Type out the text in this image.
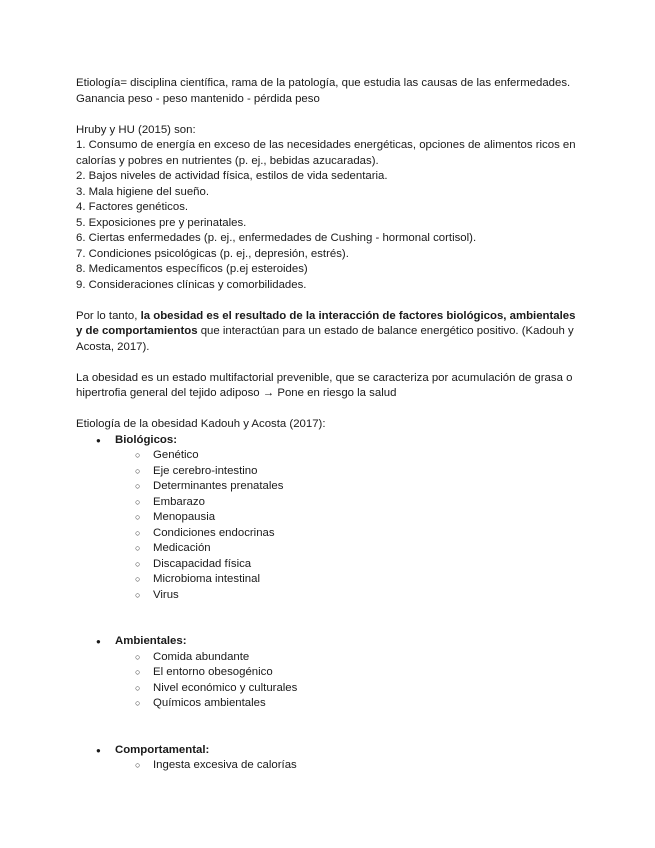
Etiología= disciplina científica, rama de la patología, que estudia las causas de las enfermedades.

Ganancia peso - peso mantenido - pérdida peso

Hruby y HU (2015) son:

1. Consumo de energía en exceso de las necesidades energéticas, opciones de alimentos ricos en calorías y pobres en nutrientes (p. ej., bebidas azucaradas).

2. Bajos niveles de actividad física, estilos de vida sedentaria.

3. Mala higiene del sueño.

4. Factores genéticos.

5. Exposiciones pre y perinatales.

6. Ciertas enfermedades (p. ej., enfermedades de Cushing - hormonal cortisol).

7. Condiciones psicológicas (p. ej., depresión, estrés).

8. Medicamentos específicos (p.ej esteroides)

9. Consideraciones clínicas y comorbilidades.

Por lo tanto, la obesidad es el resultado de la interacción de factores biológicos, ambientales y de comportamientos que interactúan para un estado de balance energético positivo. (Kadouh y Acosta, 2017).

La obesidad es un estado multifactorial prevenible, que se caracteriza por acumulación de grasa o hipertrofia general del tejido adiposo → Pone en riesgo la salud

Etiología de la obesidad Kadouh y Acosta (2017):

● Biológicos:
○ Genético
○ Eje cerebro-intestino
○ Determinantes prenatales
○ Embarazo
○ Menopausia
○ Condiciones endocrinas
○ Medicación
○ Discapacidad física
○ Microbioma intestinal
○ Virus
● Ambientales:
○ Comida abundante
○ El entorno obesogénico
○ Nivel económico y culturales
○ Químicos ambientales
● Comportamental:
○ Ingesta excesiva de calorías
